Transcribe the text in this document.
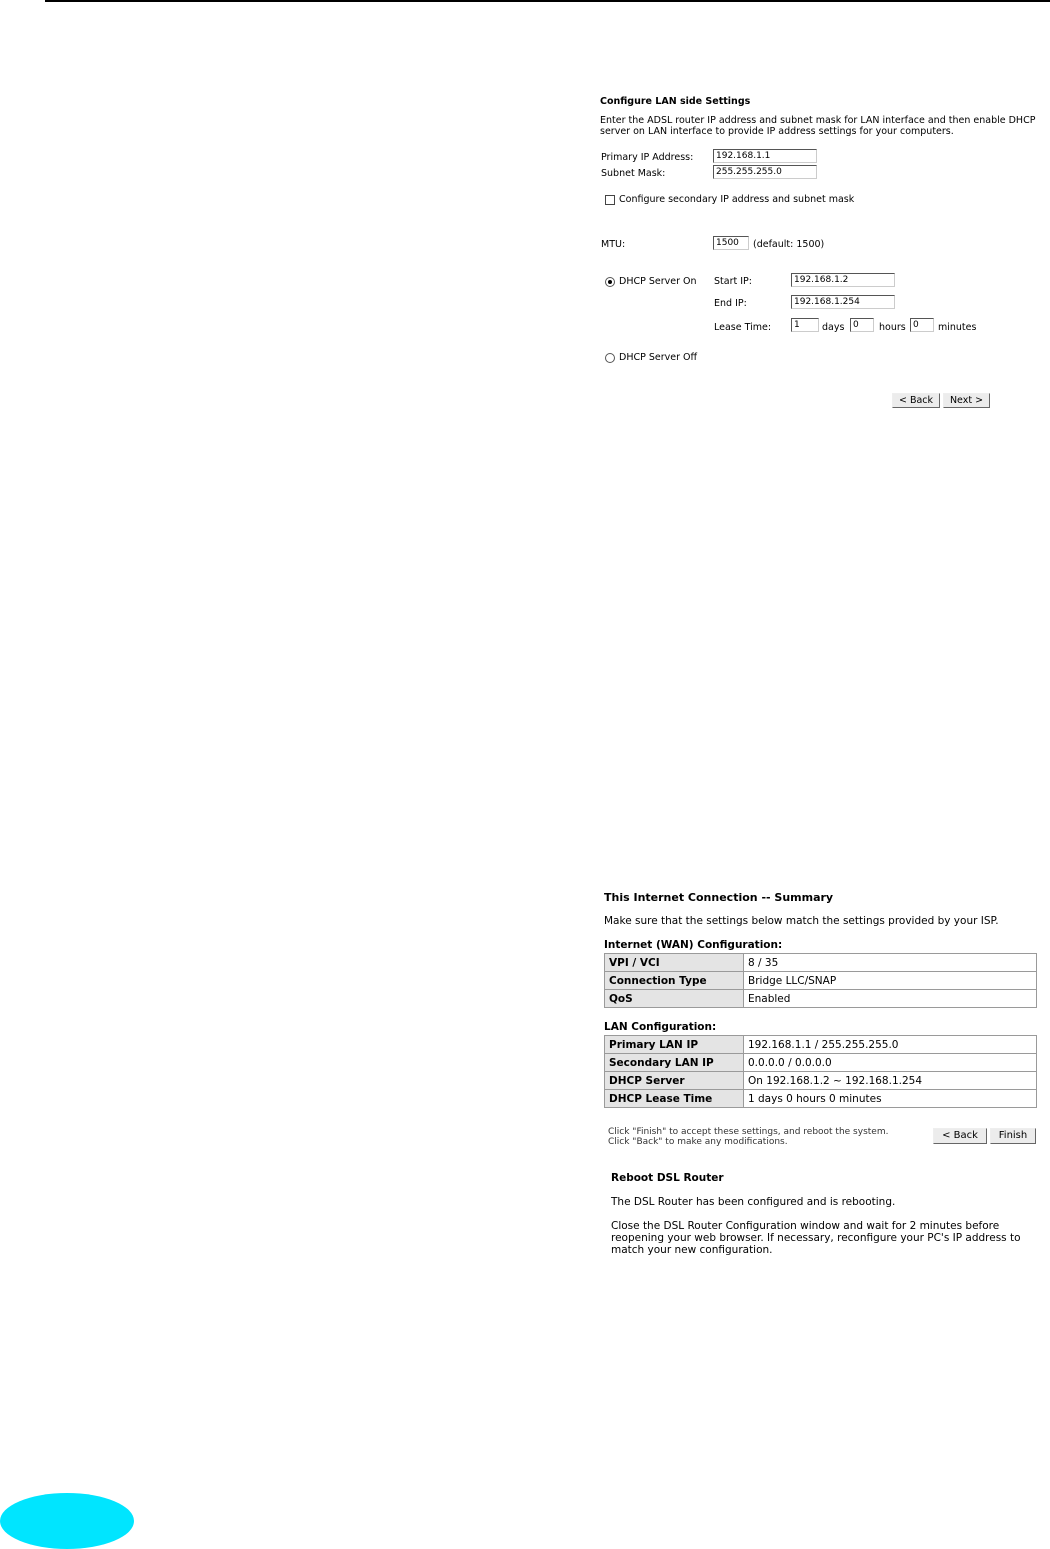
Configure LAN side Settings
Enter the ADSL router IP address and subnet mask for LAN interface and then enable DHCP server on LAN interface to provide IP address settings for your computers.
Primary IP Address:	192.168.1.1
Subnet Mask:	255.255.255.0
Configure secondary IP address and subnet mask
MTU:	1500	(default: 1500)
DHCP Server On Start IP:	192.168.1.2
End IP:	192.168.1.254
Lease Time:	1	days 0	hours 0	minutes
DHCP Server Off
< Back	Next >
This Internet Connection -- Summary
Make sure that the settings below match the settings provided by your ISP.
Internet (WAN) Configuration:
VPI / VCI	8 / 35
Connection Type	Bridge LLC/SNAP
QoS	Enabled
LAN Configuration:
Primary LAN IP	192.168.1.1 / 255.255.255.0
Secondary LAN IP	0.0.0.0 / 0.0.0.0
DHCP Server	On 192.168.1.2 ~ 192.168.1.254
DHCP Lease Time	1 days 0 hours 0 minutes
Click "Finish" to accept these settings, and reboot the system.
Click "Back" to make any modifications.
< Back	Finish
Reboot DSL Router
The DSL Router has been configured and is rebooting.
Close the DSL Router Configuration window and wait for 2 minutes before reopening your web browser. If necessary, reconfigure your PC's IP address to match your new configuration.
